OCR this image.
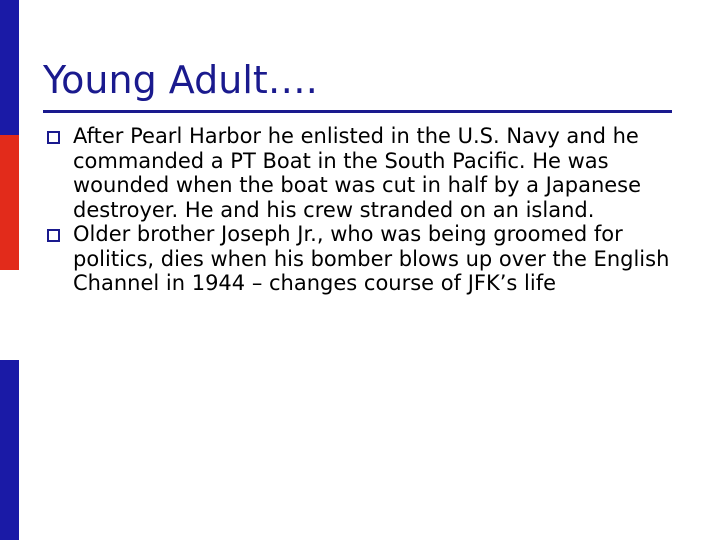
Young Adult….
After Pearl Harbor he enlisted in the U.S. Navy and he commanded a PT Boat in the South Pacific. He was wounded when the boat was cut in half by a Japanese destroyer. He and his crew stranded on an island.
Older brother Joseph Jr., who was being groomed for politics, dies when his bomber blows up over the English Channel in 1944 – changes course of JFK’s life
